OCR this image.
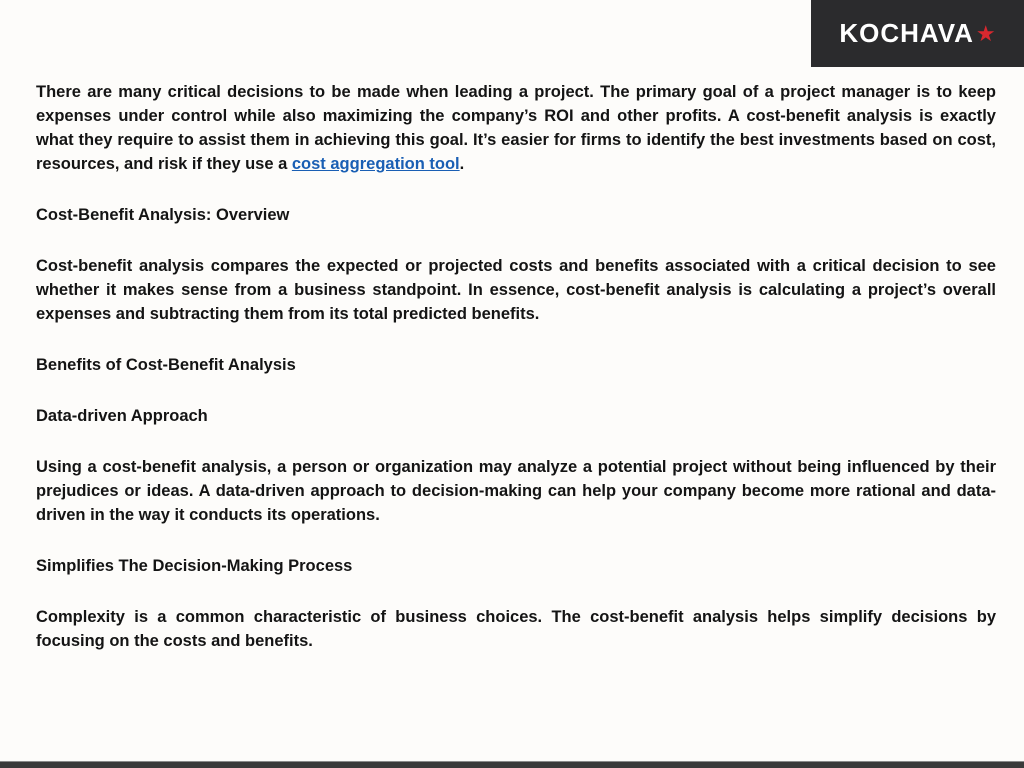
KOCHAVA ★

There are many critical decisions to be made when leading a project. The primary goal of a project manager is to keep expenses under control while also maximizing the company’s ROI and other profits. A cost-benefit analysis is exactly what they require to assist them in achieving this goal. It’s easier for firms to identify the best investments based on cost, resources, and risk if they use a cost aggregation tool.

Cost-Benefit Analysis: Overview

Cost-benefit analysis compares the expected or projected costs and benefits associated with a critical decision to see whether it makes sense from a business standpoint. In essence, cost-benefit analysis is calculating a project’s overall expenses and subtracting them from its total predicted benefits.

Benefits of Cost-Benefit Analysis

Data-driven Approach

Using a cost-benefit analysis, a person or organization may analyze a potential project without being influenced by their prejudices or ideas. A data-driven approach to decision-making can help your company become more rational and data-driven in the way it conducts its operations.

Simplifies The Decision-Making Process

Complexity is a common characteristic of business choices. The cost-benefit analysis helps simplify decisions by focusing on the costs and benefits.
